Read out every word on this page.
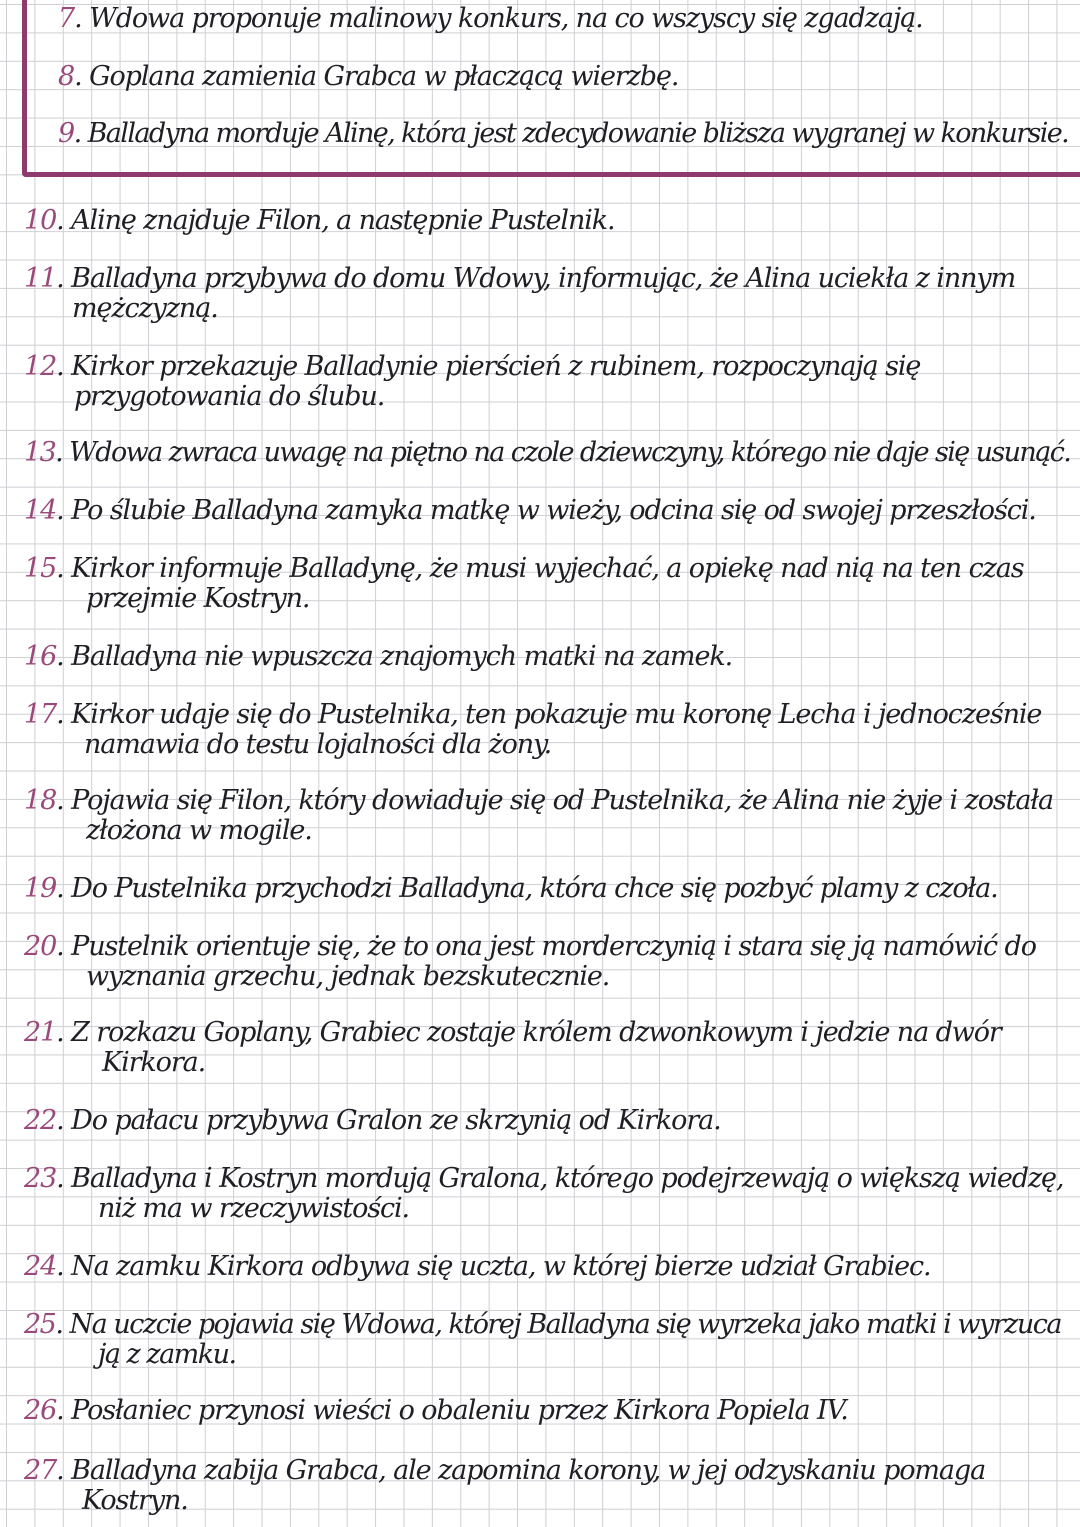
7. Wdowa proponuje malinowy konkurs, na co wszyscy się zgadzają.
8. Goplana zamienia Grabca w płaczącą wierzbę.
9. Balladyna morduje Alinę, która jest zdecydowanie bliższa wygranej w konkursie.
10. Alinę znajduje Filon, a następnie Pustelnik.
11. Balladyna przybywa do domu Wdowy, informując, że Alina uciekła z innym
mężczyzną.
12. Kirkor przekazuje Balladynie pierścień z rubinem, rozpoczynają się
przygotowania do ślubu.
13. Wdowa zwraca uwagę na piętno na czole dziewczyny, którego nie daje się usunąć.
14. Po ślubie Balladyna zamyka matkę w wieży, odcina się od swojej przeszłości.
15. Kirkor informuje Balladynę, że musi wyjechać, a opiekę nad nią na ten czas
przejmie Kostryn.
16. Balladyna nie wpuszcza znajomych matki na zamek.
17. Kirkor udaje się do Pustelnika, ten pokazuje mu koronę Lecha i jednocześnie
namawia do testu lojalności dla żony.
18. Pojawia się Filon, który dowiaduje się od Pustelnika, że Alina nie żyje i została
złożona w mogile.
19. Do Pustelnika przychodzi Balladyna, która chce się pozbyć plamy z czoła.
20. Pustelnik orientuje się, że to ona jest morderczynią i stara się ją namówić do
wyznania grzechu, jednak bezskutecznie.
21. Z rozkazu Goplany, Grabiec zostaje królem dzwonkowym i jedzie na dwór
Kirkora.
22. Do pałacu przybywa Gralon ze skrzynią od Kirkora.
23. Balladyna i Kostryn mordują Gralona, którego podejrzewają o większą wiedzę,
niż ma w rzeczywistości.
24. Na zamku Kirkora odbywa się uczta, w której bierze udział Grabiec.
25. Na uczcie pojawia się Wdowa, której Balladyna się wyrzeka jako matki i wyrzuca
ją z zamku.
26. Posłaniec przynosi wieści o obaleniu przez Kirkora Popiela IV.
27. Balladyna zabija Grabca, ale zapomina korony, w jej odzyskaniu pomaga
Kostryn.
